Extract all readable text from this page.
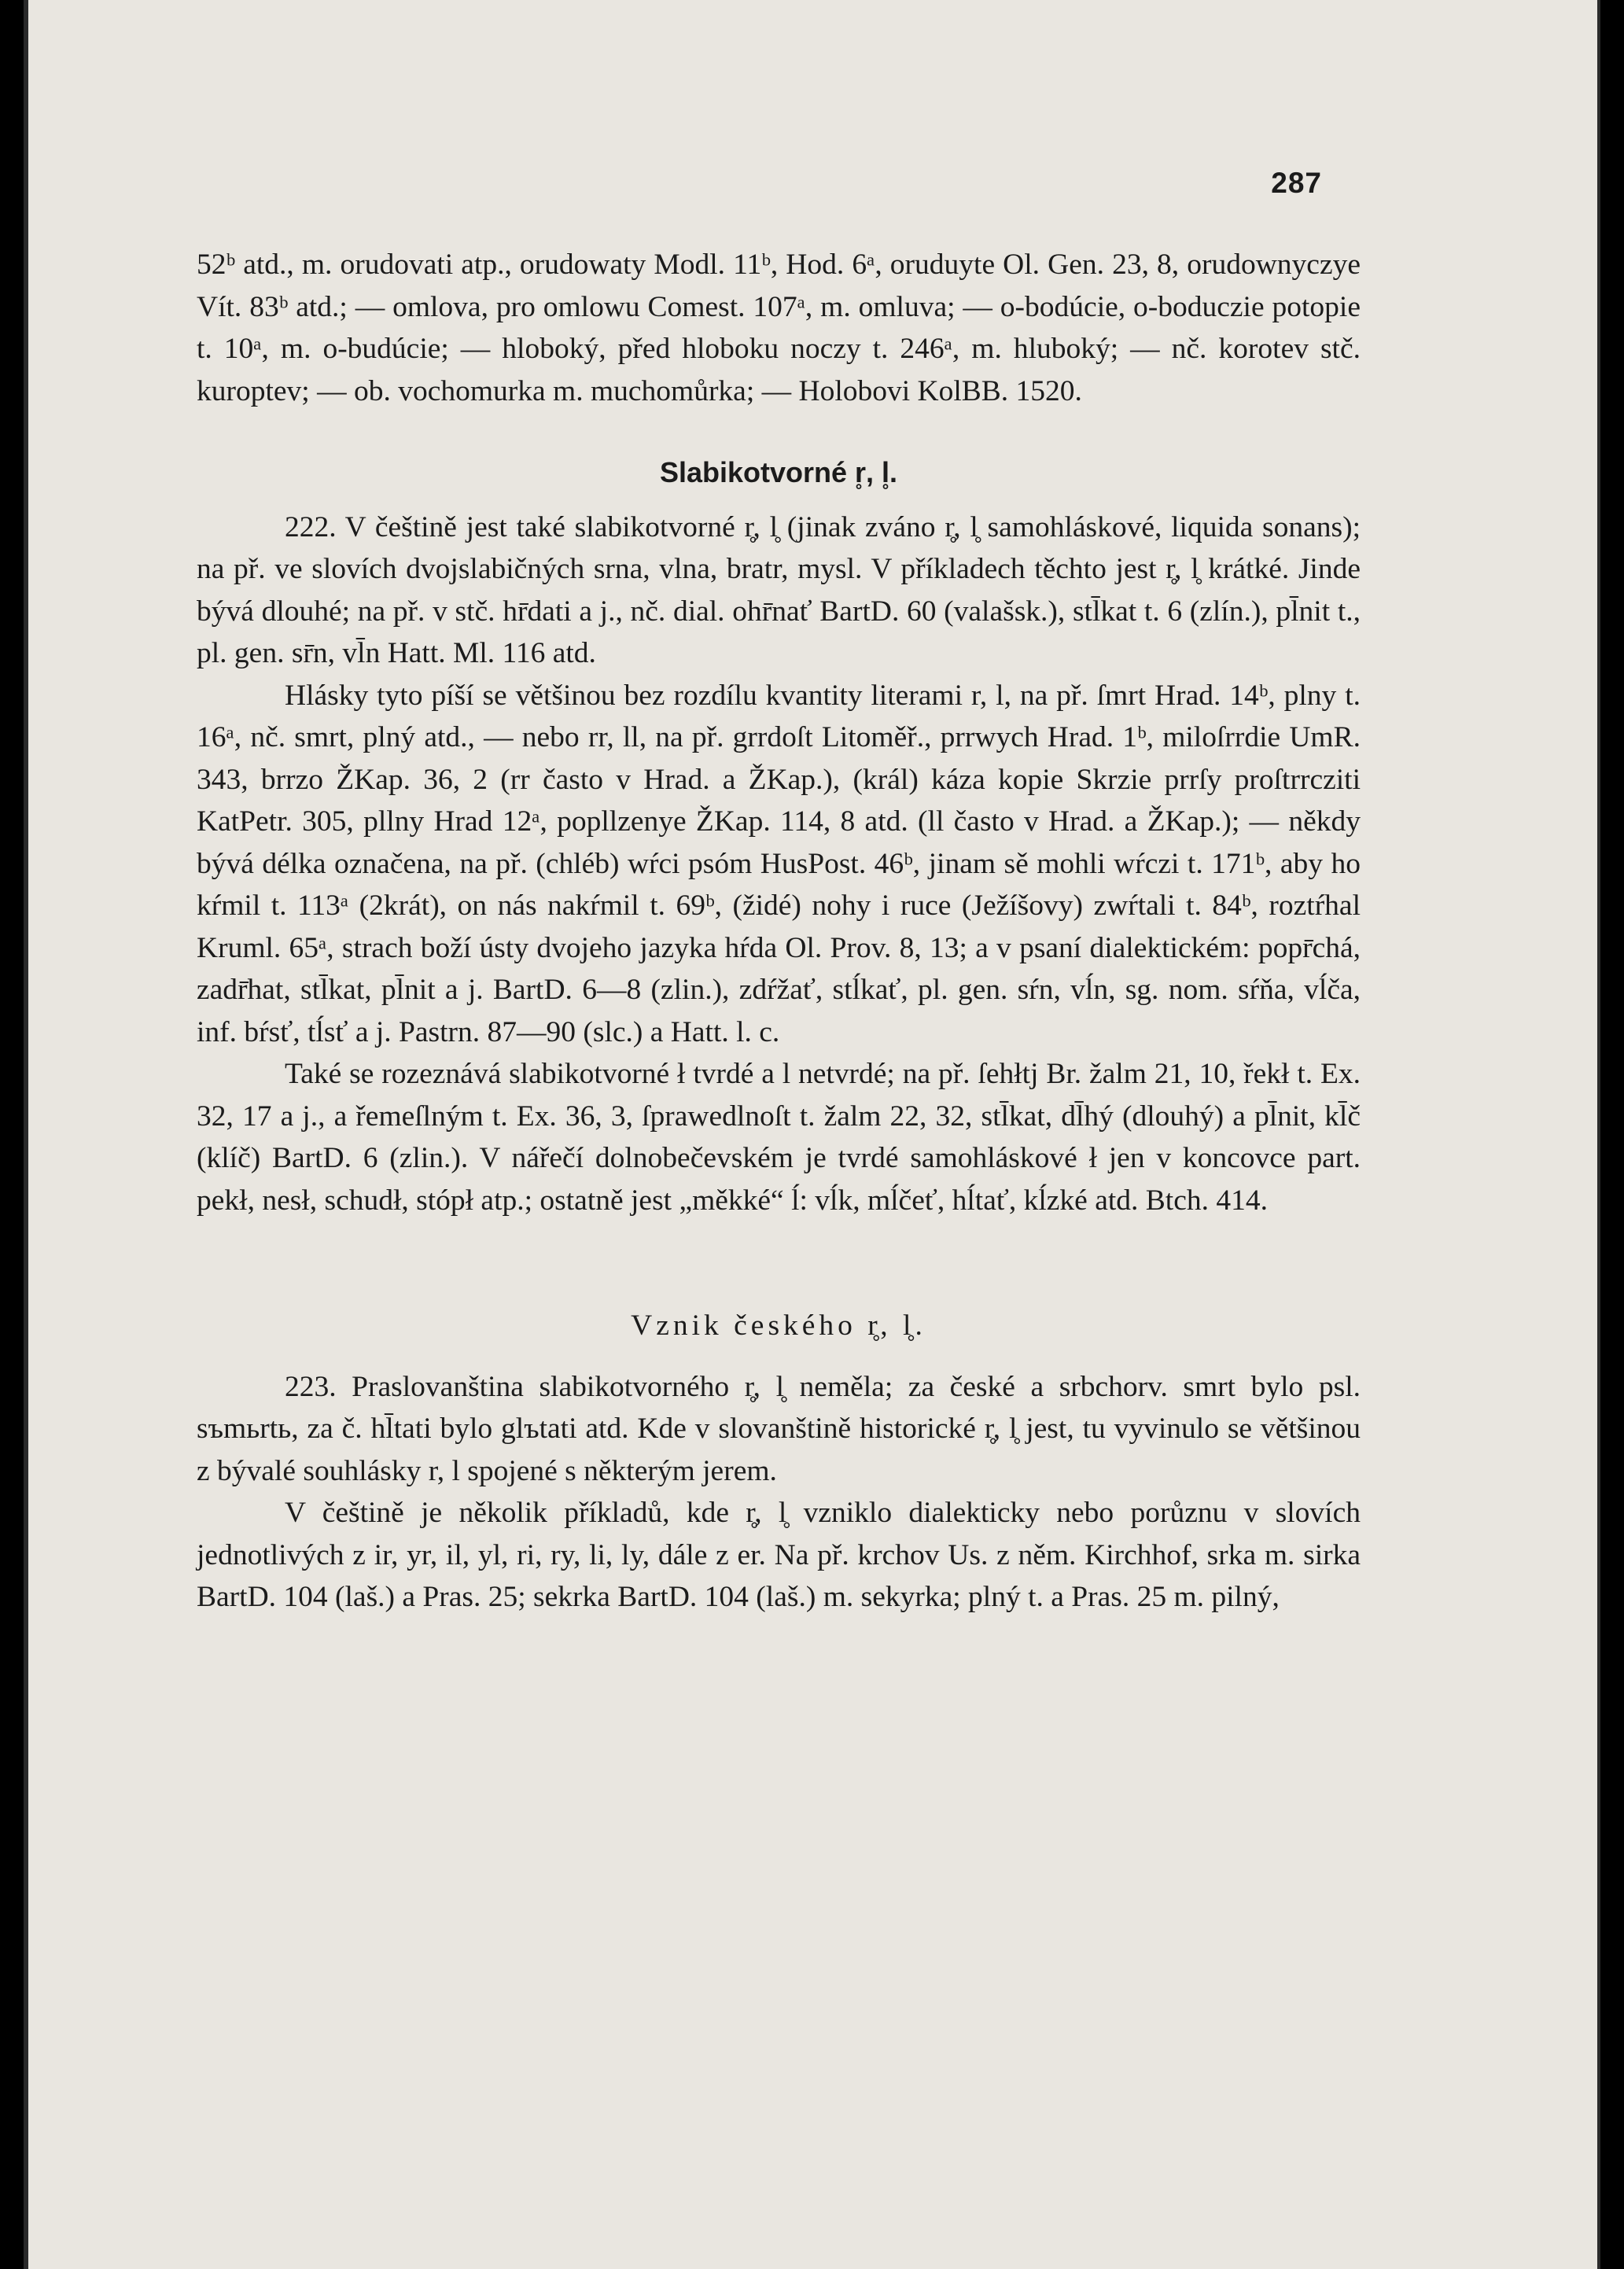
287

52ᵇ atd., m. orudovati atp., orudowaty Modl. 11ᵇ, Hod. 6ᵃ, oruduyte Ol. Gen. 23, 8, orudownyczye Vít. 83ᵇ atd.; — omlova, pro omlowu Comest. 107ᵃ, m. omluva; — o-bodúcie, o-boduczie potopie t. 10ᵃ, m. o-budúcie; — hloboký, před hloboku noczy t. 246ᵃ, m. hluboký; — nč. korotev stč. kuroptev; — ob. vochomurka m. muchomůrka; — Holobovi KolBB. 1520.

Slabikotvorné r̥, l̥.

222. V češtině jest také slabikotvorné r̥, l̥ (jinak zváno r̥, l̥ samohláskové, liquida sonans); na př. ve slovích dvojslabičných srna, vlna, bratr, mysl. V příkladech těchto jest r̥, l̥ krátké. Jinde bývá dlouhé; na př. v stč. hr̄dati a j., nč. dial. ohr̄nať BartD. 60 (valašsk.), stl̄kat t. 6 (zlín.), pl̄nit t., pl. gen. sr̄n, vl̄n Hatt. Ml. 116 atd.

Hlásky tyto píší se většinou bez rozdílu kvantity literami r, l, na př. ſmrt Hrad. 14ᵇ, plny t. 16ᵃ, nč. smrt, plný atd., — nebo rr, ll, na př. grrdoſt Litoměř., prrwych Hrad. 1ᵇ, miloſrrdie UmR. 343, brrzo ŽKap. 36, 2 (rr často v Hrad. a ŽKap.), (král) káza kopie Skrzie prrſy proſtrrcziti KatPetr. 305, pllny Hrad 12ᵃ, popllzenye ŽKap. 114, 8 atd. (ll často v Hrad. a ŽKap.); — někdy bývá délka označena, na př. (chléb) wŕci psóm HusPost. 46ᵇ, jinam sě mohli wŕczi t. 171ᵇ, aby ho kŕmil t. 113ᵃ (2krát), on nás nakŕmil t. 69ᵇ, (židé) nohy i ruce (Ježíšovy) zwŕtali t. 84ᵇ, roztŕhal Kruml. 65ᵃ, strach boží ústy dvojeho jazyka hŕda Ol. Prov. 8, 13; a v psaní dialektickém: popr̄chá, zadr̄hat, stl̄kat, pl̄nit a j. BartD. 6—8 (zlin.), zdŕžať, stĺkať, pl. gen. sŕn, vĺn, sg. nom. sŕňa, vĺča, inf. bŕsť, tĺsť a j. Pastrn. 87—90 (slc.) a Hatt. l. c.

Také se rozeznává slabikotvorné ł tvrdé a l netvrdé; na př. ſehłtj Br. žalm 21, 10, řekł t. Ex. 32, 17 a j., a řemeſlným t. Ex. 36, 3, ſprawedlnoſt t. žalm 22, 32, stl̄kat, dl̄hý (dlouhý) a pl̄nit, kl̄č (klíč) BartD. 6 (zlin.). V nářečí dolnobečevském je tvrdé samohláskové ł jen v koncovce part. pekł, nesł, schudł, stópł atp.; ostatně jest „měkké“ ĺ: vĺk, mĺčeť, hĺtať, kĺzké atd. Btch. 414.

Vznik českého r̥, l̥.

223. Praslovanština slabikotvorného r̥, l̥ neměla; za české a srbchorv. smrt bylo psl. sъmьrtь, za č. hl̄tati bylo glъtati atd. Kde v slovanštině historické r̥, l̥ jest, tu vyvinulo se většinou z bývalé souhlásky r, l spojené s některým jerem.

V češtině je několik příkladů, kde r̥, l̥ vzniklo dialekticky nebo porůznu v slovích jednotlivých z ir, yr, il, yl, ri, ry, li, ly, dále z er. Na př. krchov Us. z něm. Kirchhof, srka m. sirka BartD. 104 (laš.) a Pras. 25; sekrka BartD. 104 (laš.) m. sekyrka; plný t. a Pras. 25 m. pilný,
